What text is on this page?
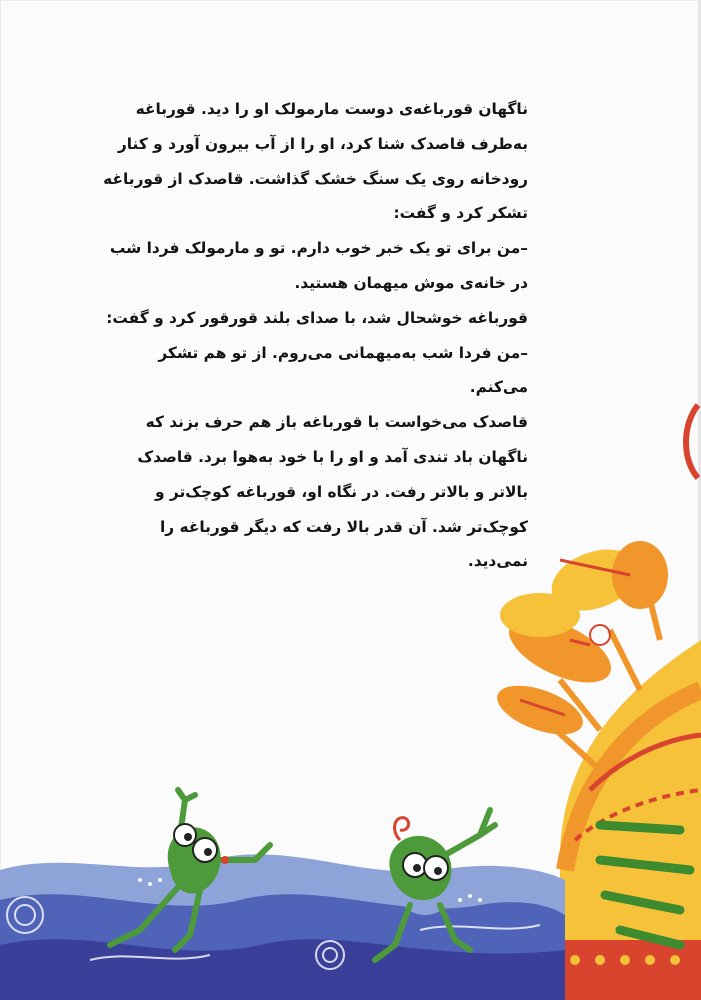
ناگهان قورباغه‌ی دوست مارمولک او را دید. قورباغه به‌طرف قاصدک شنا کرد، او را از آب بیرون آورد و کنار رودخانه روی یک سنگ خشک گذاشت. قاصدک از قورباغه تشکر کرد و گفت:

– من برای تو یک خبر خوب دارم. تو و مارمولک فردا شب در خانه‌ی موش میهمان هستید.

قورباغه خوشحال شد، با صدای بلند قورقور کرد و گفت:

– من فردا شب به‌میهمانی می‌روم. از تو هم تشکر می‌کنم.

قاصدک می‌خواست با قورباغه باز هم حرف بزند که ناگهان باد تندی آمد و او را با خود به‌هوا برد. قاصدک بالاتر و بالاتر رفت. در نگاه او، قورباغه کوچک‌تر و کوچک‌تر شد. آن قدر بالا رفت که دیگر قورباغه را نمی‌دید.
